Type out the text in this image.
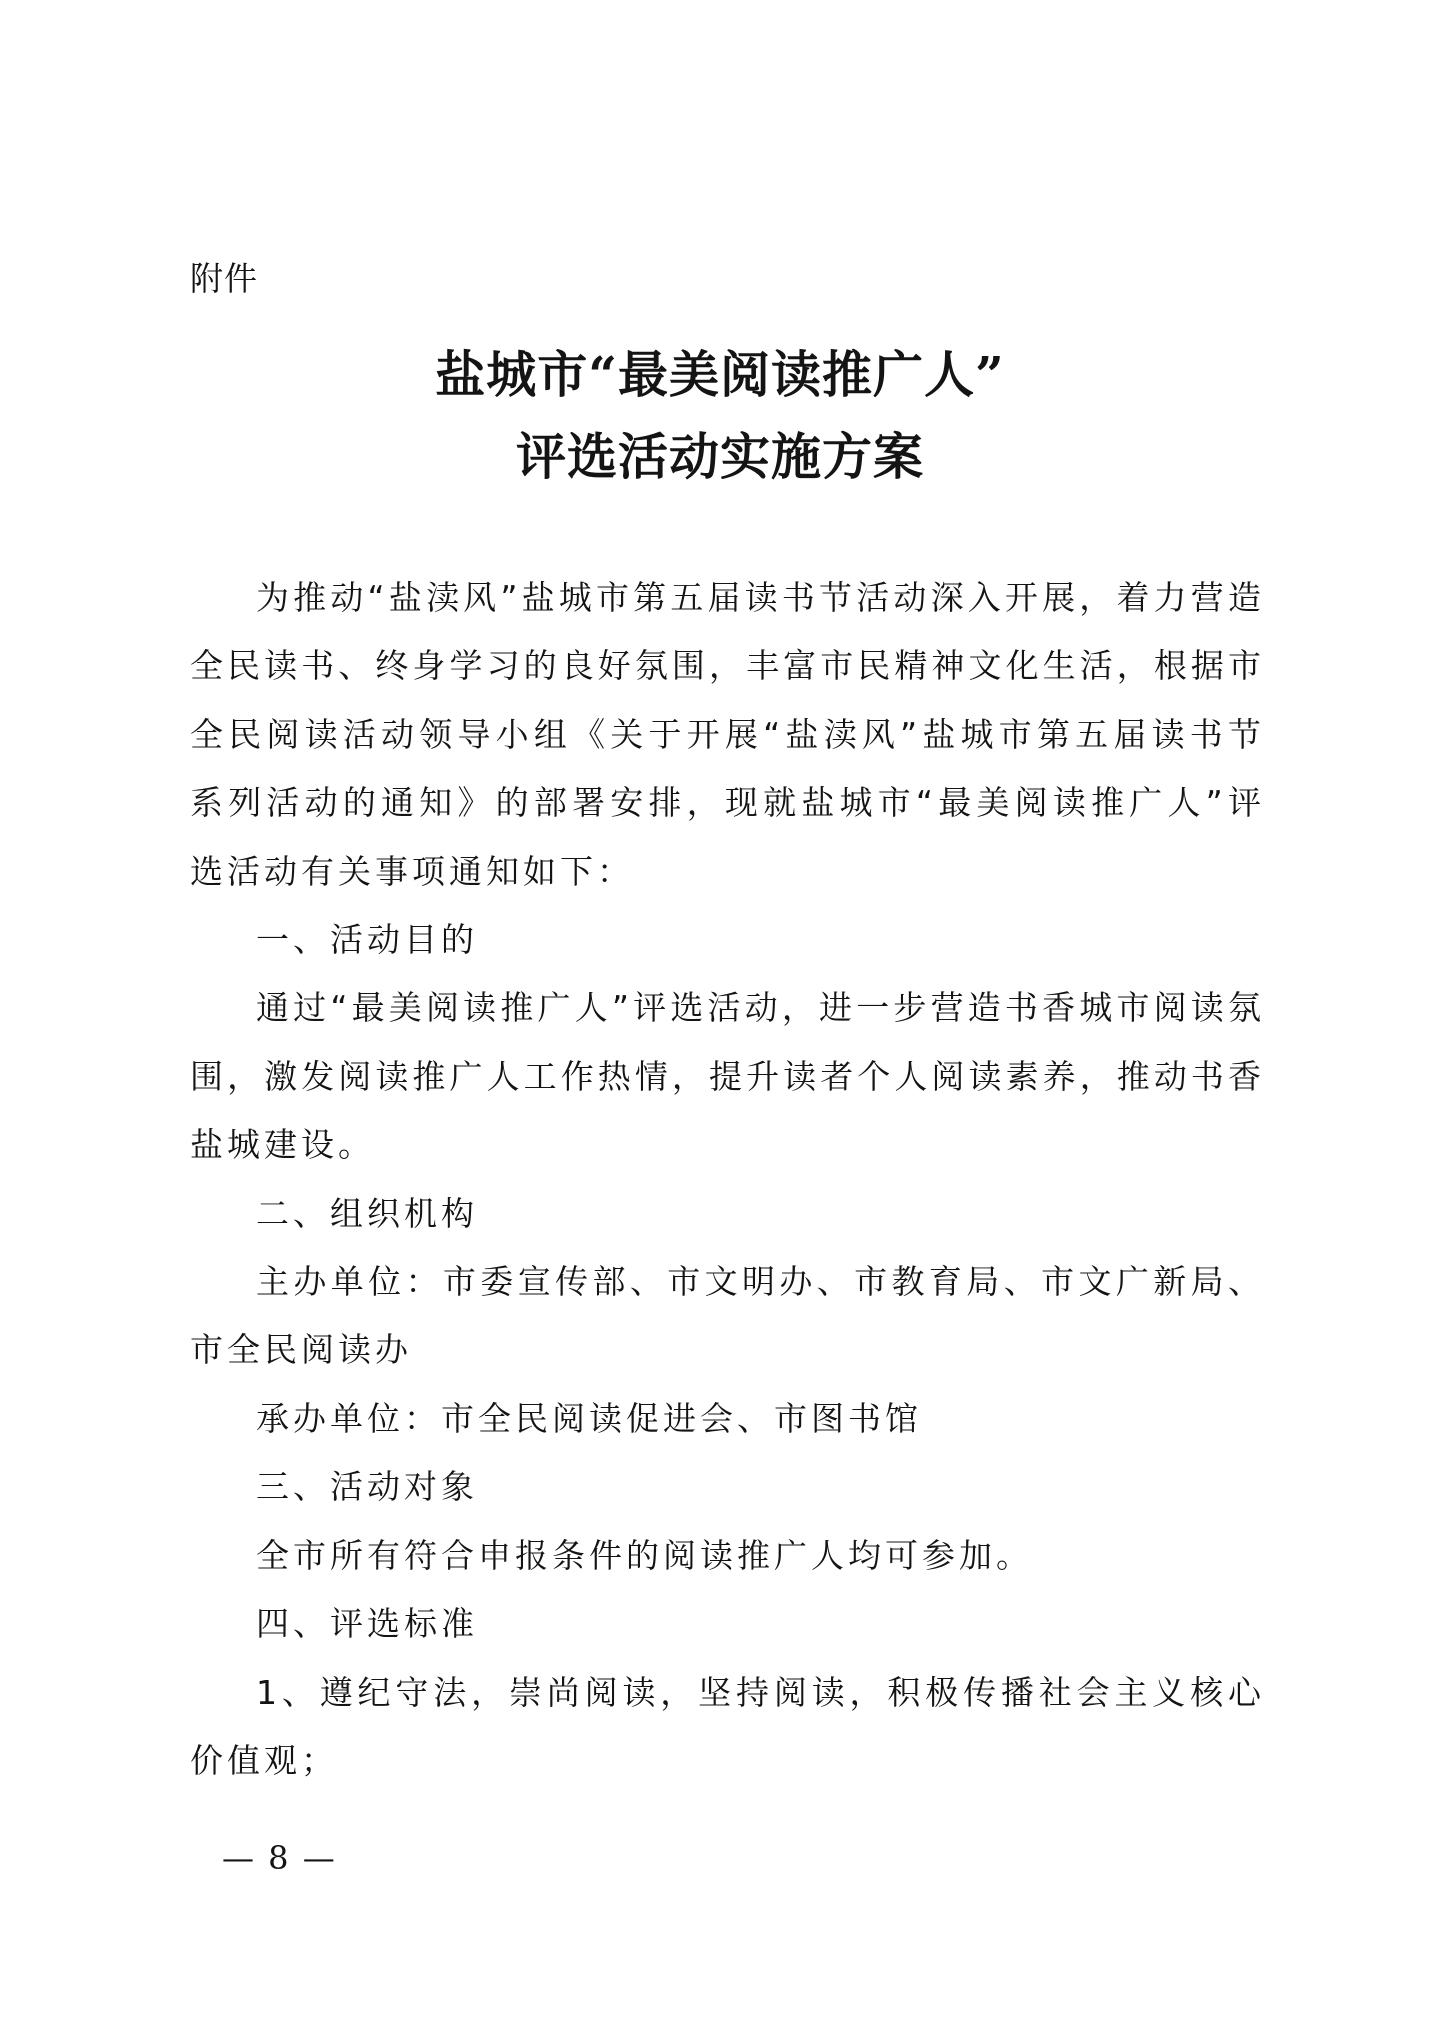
附件
盐城市“最美阅读推广人”
评选活动实施方案

为推动“盐渎风”盐城市第五届读书节活动深入开展，着力营造全民读书、终身学习的良好氛围，丰富市民精神文化生活，根据市全民阅读活动领导小组《关于开展“盐渎风”盐城市第五届读书节系列活动的通知》的部署安排，现就盐城市“最美阅读推广人”评选活动有关事项通知如下：

一、活动目的

通过“最美阅读推广人”评选活动，进一步营造书香城市阅读氛围，激发阅读推广人工作热情，提升读者个人阅读素养，推动书香盐城建设。

二、组织机构

主办单位：市委宣传部、市文明办、市教育局、市文广新局、市全民阅读办

承办单位：市全民阅读促进会、市图书馆

三、活动对象

全市所有符合申报条件的阅读推广人均可参加。

四、评选标准

1、遵纪守法，崇尚阅读，坚持阅读，积极传播社会主义核心价值观；

— 8 —
